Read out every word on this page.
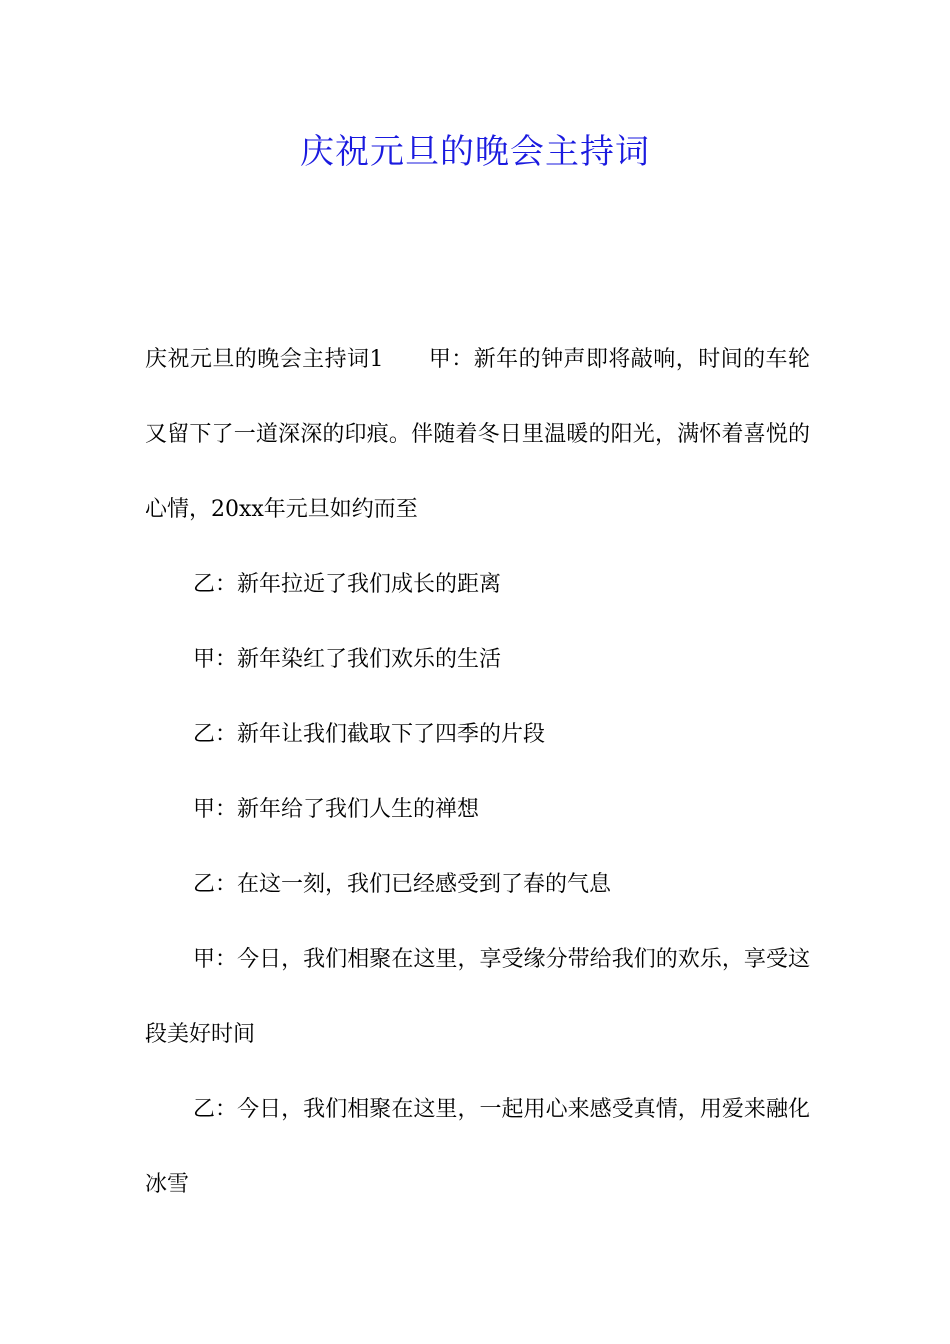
庆祝元旦的晚会主持词

庆祝元旦的晚会主持词1　　甲：新年的钟声即将敲响，时间的车轮又留下了一道深深的印痕。伴随着冬日里温暖的阳光，满怀着喜悦的心情，20xx年元旦如约而至

乙：新年拉近了我们成长的距离

甲：新年染红了我们欢乐的生活

乙：新年让我们截取下了四季的片段

甲：新年给了我们人生的禅想

乙：在这一刻，我们已经感受到了春的气息

甲：今日，我们相聚在这里，享受缘分带给我们的欢乐，享受这段美好时间

乙：今日，我们相聚在这里，一起用心来感受真情，用爱来融化冰雪
